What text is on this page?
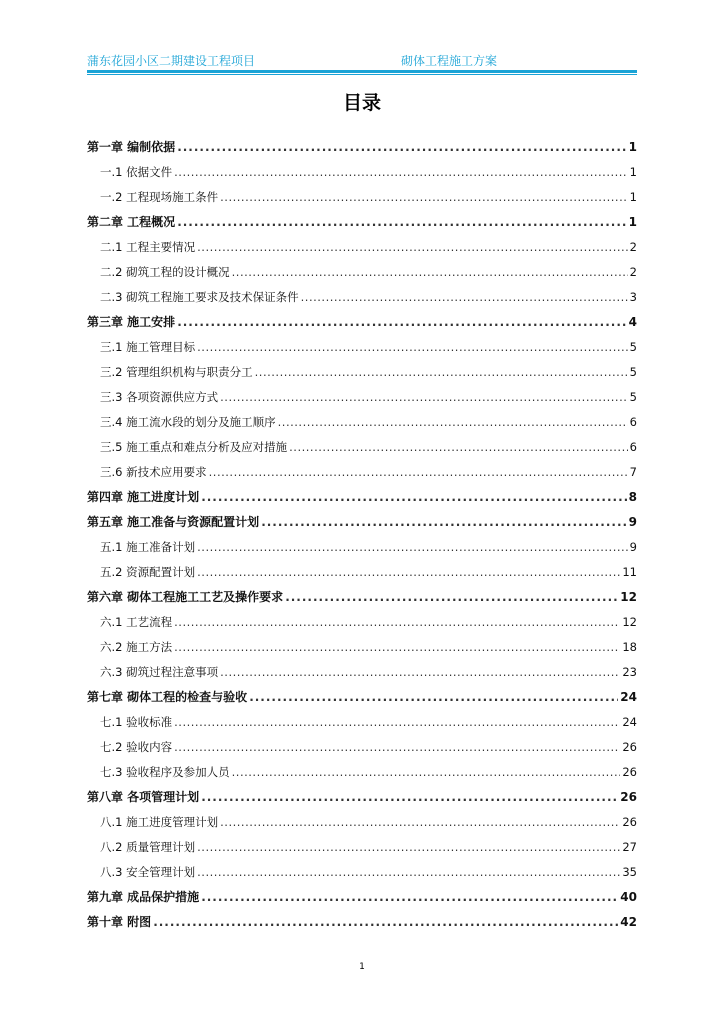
蒲东花园小区二期建设工程项目	砌体工程施工方案
目录
第一章 编制依据 .....	1
一.1 依据文件 .....	1
一.2 工程现场施工条件 .....	1
第二章 工程概况 .....	1
二.1 工程主要情况 .....	2
二.2 砌筑工程的设计概况 .....	2
二.3 砌筑工程施工要求及技术保证条件 .....	3
第三章 施工安排 .....	4
三.1 施工管理目标 .....	5
三.2 管理组织机构与职责分工 .....	5
三.3 各项资源供应方式 .....	5
三.4 施工流水段的划分及施工顺序 .....	6
三.5 施工重点和难点分析及应对措施 .....	6
三.6 新技术应用要求 .....	7
第四章 施工进度计划 .....	8
第五章 施工准备与资源配置计划 .....	9
五.1 施工准备计划 .....	9
五.2 资源配置计划 .....	11
第六章 砌体工程施工工艺及操作要求 .....	12
六.1 工艺流程 .....	12
六.2 施工方法 .....	18
六.3 砌筑过程注意事项 .....	23
第七章 砌体工程的检查与验收 .....	24
七.1 验收标准 .....	24
七.2 验收内容 .....	26
七.3 验收程序及参加人员 .....	26
第八章 各项管理计划 .....	26
八.1 施工进度管理计划 .....	26
八.2 质量管理计划 .....	27
八.3 安全管理计划 .....	35
第九章 成品保护措施 .....	40
第十章 附图 .....	42
1
